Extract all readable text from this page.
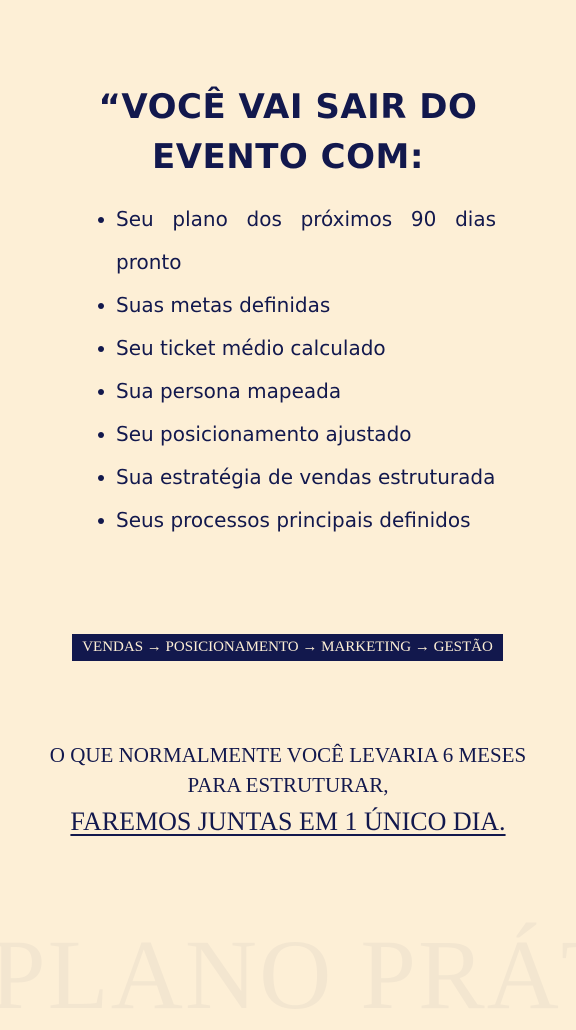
“VOCÊ VAI SAIR DO
EVENTO COM:
Seu plano dos próximos 90 dias pronto
Suas metas definidas
Seu ticket médio calculado
Sua persona mapeada
Seu posicionamento ajustado
Sua estratégia de vendas estruturada
Seus processos principais definidos
VENDAS → POSICIONAMENTO → MARKETING → GESTÃO

O QUE NORMALMENTE VOCÊ LEVARIA 6 MESES
PARA ESTRUTURAR,

FAREMOS JUNTAS EM 1 ÚNICO DIA.
